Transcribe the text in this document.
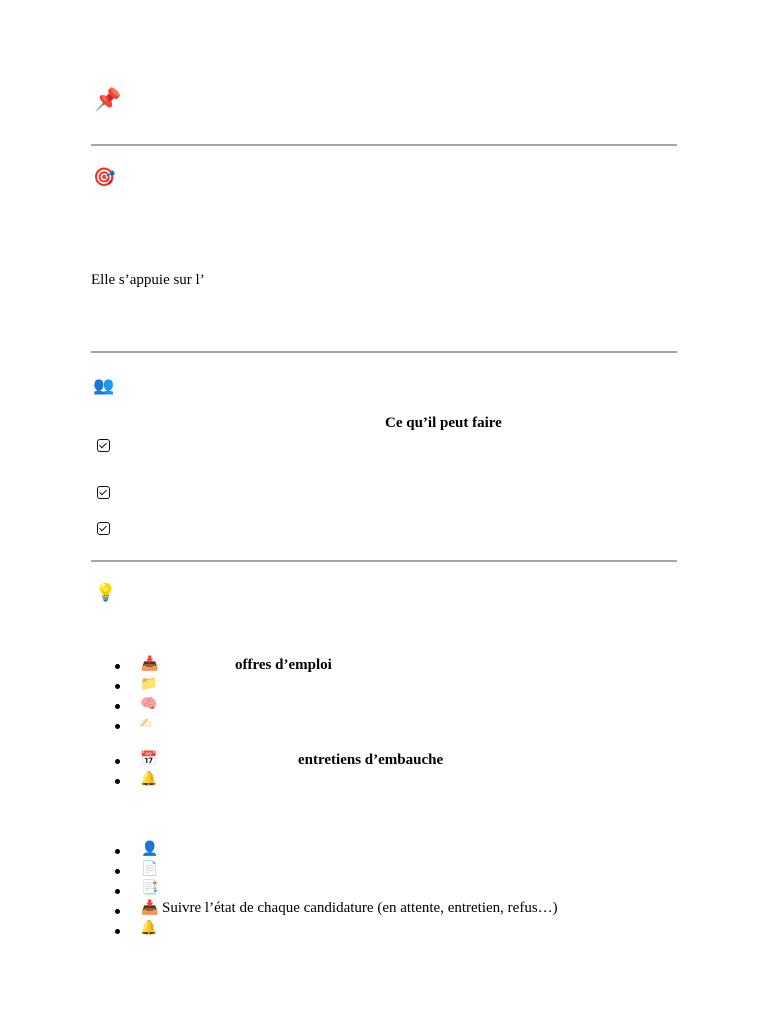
📌
🎯
Elle s’appuie sur l’
👥
Ce qu’il peut faire
💡
📥	offres d’emploi
📁
🧠
✍
📅	entretiens d’embauche
🔔
👤
📄
📑
📥 Suivre l’état de chaque candidature (en attente, entretien, refus…)
🔔
